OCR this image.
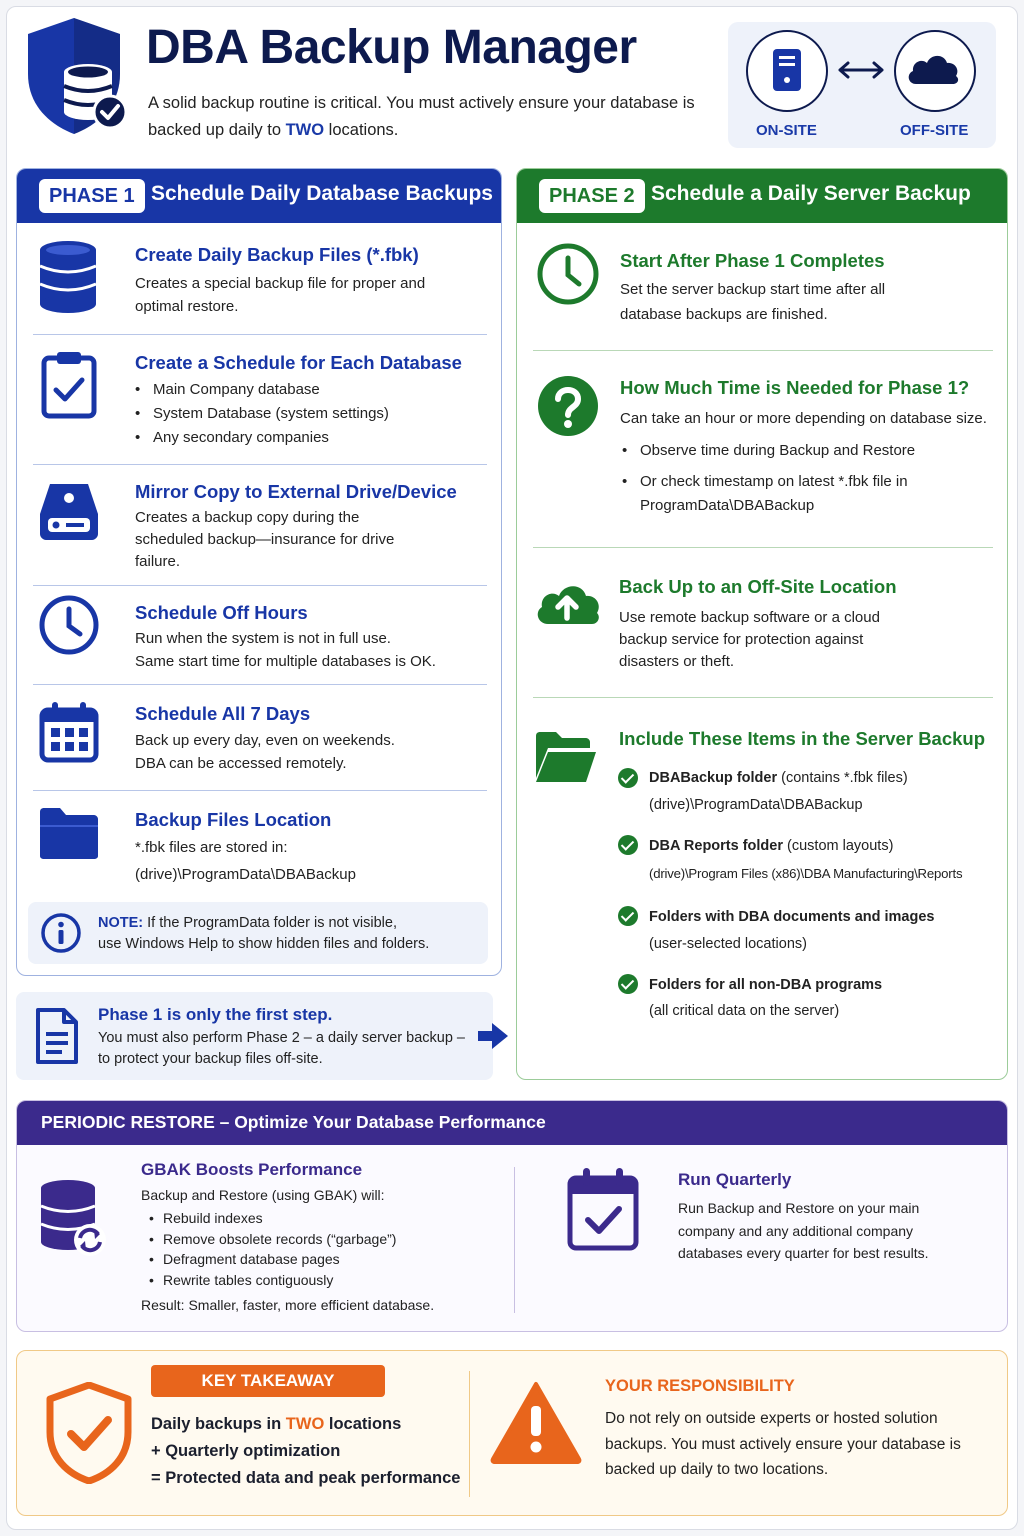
DBA Backup Manager
A solid backup routine is critical. You must actively ensure your database is backed up daily to TWO locations.	ON-SITE	OFF-SITE
PHASE 1 Schedule Daily Database Backups
Create Daily Backup Files (*.fbk)
Creates a special backup file for proper and optimal restore.
Create a Schedule for Each Database
• Main Company database
• System Database (system settings)
• Any secondary companies
Mirror Copy to External Drive/Device
Creates a backup copy during the scheduled backup—insurance for drive failure.
Schedule Off Hours
Run when the system is not in full use.
Same start time for multiple databases is OK.
Schedule All 7 Days
Back up every day, even on weekends.
DBA can be accessed remotely.
Backup Files Location
*.fbk files are stored in:
(drive)\ProgramData\DBABackup
NOTE: If the ProgramData folder is not visible,
use Windows Help to show hidden files and folders.
Phase 1 is only the first step.
You must also perform Phase 2 – a daily server backup –
to protect your backup files off-site.
PHASE 2 Schedule a Daily Server Backup
Start After Phase 1 Completes
Set the server backup start time after all database backups are finished.
How Much Time is Needed for Phase 1?
Can take an hour or more depending on database size.
• Observe time during Backup and Restore
• Or check timestamp on latest *.fbk file in
ProgramData\DBABackup
Back Up to an Off-Site Location
Use remote backup software or a cloud backup service for protection against disasters or theft.
Include These Items in the Server Backup
DBABackup folder (contains *.fbk files)
(drive)\ProgramData\DBABackup
DBA Reports folder (custom layouts)
(drive)\Program Files (x86)\DBA Manufacturing\Reports
Folders with DBA documents and images
(user-selected locations)
Folders for all non-DBA programs
(all critical data on the server)
PERIODIC RESTORE – Optimize Your Database Performance
GBAK Boosts Performance
Backup and Restore (using GBAK) will:
• Rebuild indexes
• Remove obsolete records (“garbage”)
• Defragment database pages
• Rewrite tables contiguously
Result: Smaller, faster, more efficient database.
Run Quarterly
Run Backup and Restore on your main company and any additional company databases every quarter for best results.
KEY TAKEAWAY
Daily backups in TWO locations
+ Quarterly optimization
= Protected data and peak performance
YOUR RESPONSIBILITY
Do not rely on outside experts or hosted solution backups. You must actively ensure your database is backed up daily to two locations.
